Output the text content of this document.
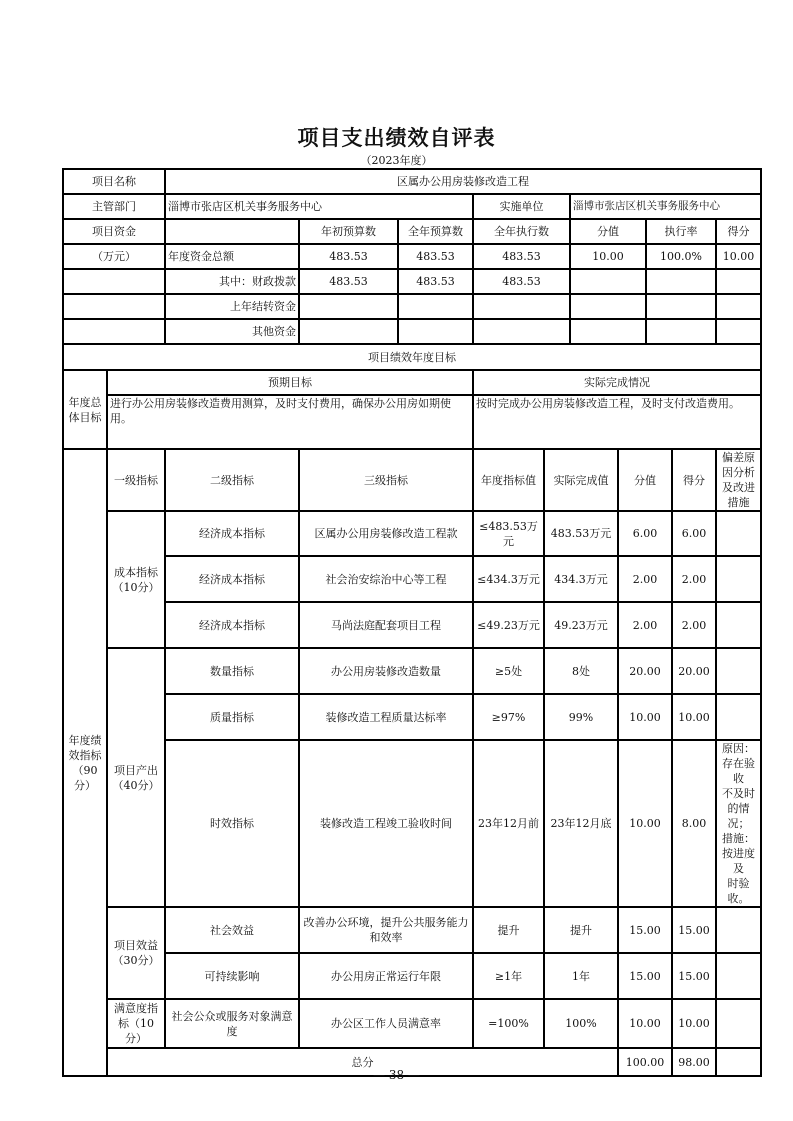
项目支出绩效自评表
（2023年度）
项目名称		区属办公用房装修改造工程									
主管部门		淄博市张店区机关事务服务中心			实施单位		淄博市张店区机关事务服务中心				
项目资金			年初预算数	全年预算数	全年执行数		分值		执行率		得分
（万元）		年度资金总额	483.53	483.53	483.53		10.00		100.0%		10.00
		其中：财政拨款	483.53	483.53	483.53						
		上年结转资金									
		其他资金									
项目绩效年度目标											
年度总体目标	预期目标				实际完成情况						
	进行办公用房装修改造费用测算，及时支付费用，确保办公用房如期使用。				按时完成办公用房装修改造工程，及时支付改造费用。						
年度绩效指标（90分）	一级指标	二级指标	三级指标		年度指标值	实际完成值		分值		得分	偏差原因分析及改进措施
	成本指标（10分）	经济成本指标	区属办公用房装修改造工程款		≤483.53万元	483.53万元		6.00		6.00	
		经济成本指标	社会治安综治中心等工程		≤434.3万元	434.3万元		2.00		2.00	
		经济成本指标	马尚法庭配套项目工程		≤49.23万元	49.23万元		2.00		2.00	
	项目产出（40分）	数量指标	办公用房装修改造数量		≥5处	8处		20.00		20.00	
		质量指标	装修改造工程质量达标率		≥97%	99%		10.00		10.00	
		时效指标	装修改造工程竣工验收时间		23年12月前	23年12月底		10.00		8.00	原因：存在验收
不及时的情况；
措施：按进度及
时验收。

	项目效益（30分）	社会效益	改善办公环境，提升公共服务能力和效率		提升	提升		15.00		15.00	
		可持续影响	办公用房正常运行年限		≥1年	1年		15.00		15.00	
	满意度指标（10分）	社会公众或服务对象满意度	办公区工作人员满意率		=100%	100%		10.00		10.00	
	总分							100.00		98.00	
— 38 —
